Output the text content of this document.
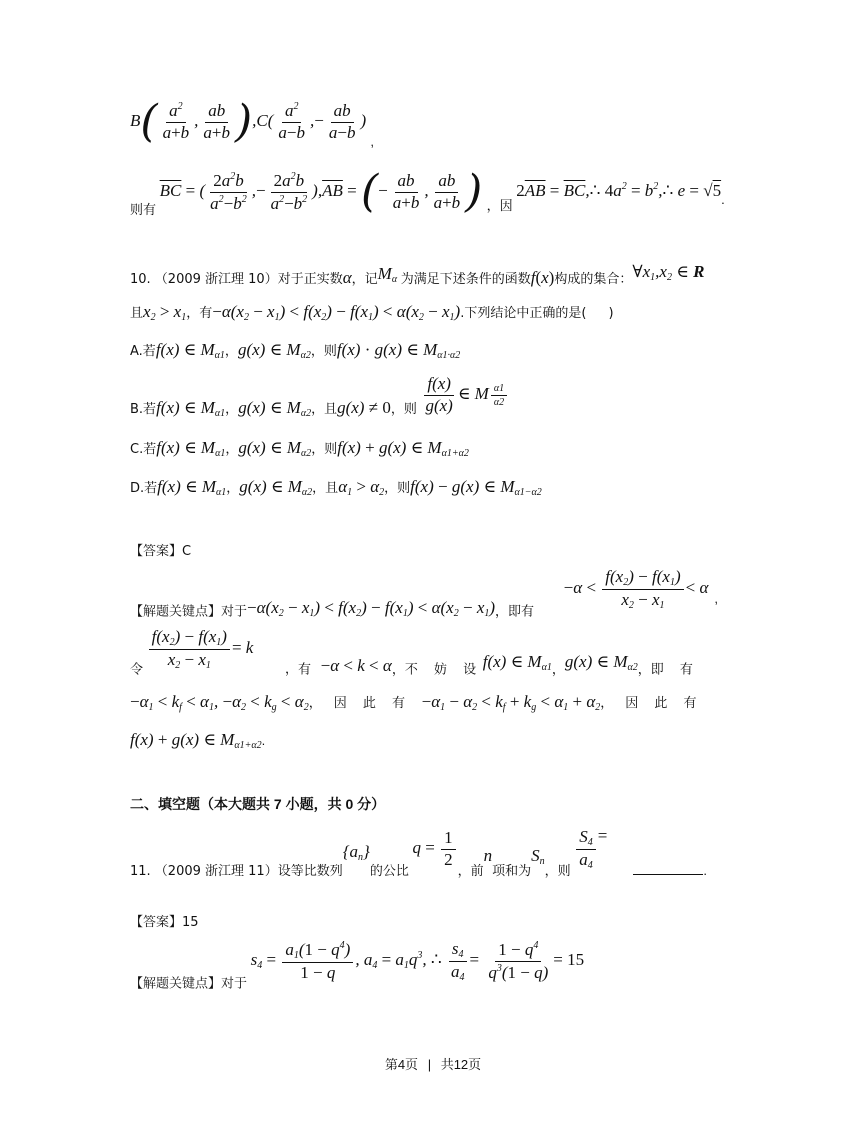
$B( \frac{a^2}{a+b}$ , $\frac{ab}{a+b} ),C( \frac{a^2}{a-b}$ ,− $\frac{ab}{a-b}$ ) ,
则有 $\overline{BC}$ = ( $\frac{2a^2b}{a^2-b^2}$ ,− $\frac{2a^2b}{a^2-b^2} ),\overline{AB}$ = (− $\frac{ab}{a+b}$ , $\frac{ab}{a+b}$ ) ，因 $2\overline{AB}$ = $\overline{BC},\therefore$ $4a^2$ = $b^2,\therefore$ e = √5.
10. （2009 浙江理 10）对于正实数α，记$M_\alpha$ 为满足下述条件的函数f(x)构成的集合：$\forall x_1,x_2$ ∈ R
且$x_2 > x_1$，有$-\alpha(x_2 - x_1) < f(x_2) - f(x_1) < \alpha(x_2 - x_1)$.下列结论中正确的是( )
A.若f(x) ∈ $M_{\alpha 1}$，g(x) ∈ $M_{\alpha 2}$，则f(x) · g(x) ∈ $M_{\alpha 1\cdot\alpha 2}$
B.若f(x) ∈ $M_{\alpha 1}$，g(x) ∈ $M_{\alpha 2}$，且g(x) ≠ 0，则 $\frac{f(x)}{g(x)}$ ∈ M $\frac{\alpha 1}{\alpha 2}$
C.若f(x) ∈ $M_{\alpha 1}$，g(x) ∈ $M_{\alpha 2}$，则f(x) + g(x) ∈ $M_{\alpha 1+\alpha 2}$
D.若f(x) ∈ $M_{\alpha 1}$，g(x) ∈ $M_{\alpha 2}$，且$\alpha_1 > \alpha_2$，则f(x) − g(x) ∈ $M_{\alpha 1-\alpha 2}$
【答案】C
【解题关键点】对于$-\alpha(x_2 - x_1) < f(x_2) - f(x_1) < \alpha(x_2 - x_1)$，即有 $-\alpha < \frac{f(x_2) - f(x_1)}{x_2 - x_1} < \alpha$,
令 $\frac{f(x_2) - f(x_1)}{x_2 - x_1} = k$ ，有 −α < k < α，不 妨 设 f(x) ∈ $M_{\alpha 1}$，g(x) ∈ $M_{\alpha 2}$，即 有
$-\alpha_1 < k_f < \alpha_1$, $-\alpha_2 < k_g < \alpha_2$， 因 此 有 $-\alpha_1 - \alpha_2 < k_f + k_g < \alpha_1 + \alpha_2$， 因 此 有
f(x) + g(x) ∈ $M_{\alpha 1+\alpha 2}$.
二、填空题（本大题共 7 小题，共 0 分）
11. （2009 浙江理 11）设等比数列$\{a_n\}$的公比 $q = \frac{1}{2}$
，前n项和为$S_n$，则
$\frac{S_4}{a_4}$ =.
【答案】15
【解题关键点】对于 $s_4 = \frac{a_1(1 - q^4)}{1 - q}$ , $a_4 = a_1q^3$, ∴ $\frac{s_4}{a_4} = \frac{1 - q^4}{q^3(1 - q)} = 15$
第4页 | 共12页
